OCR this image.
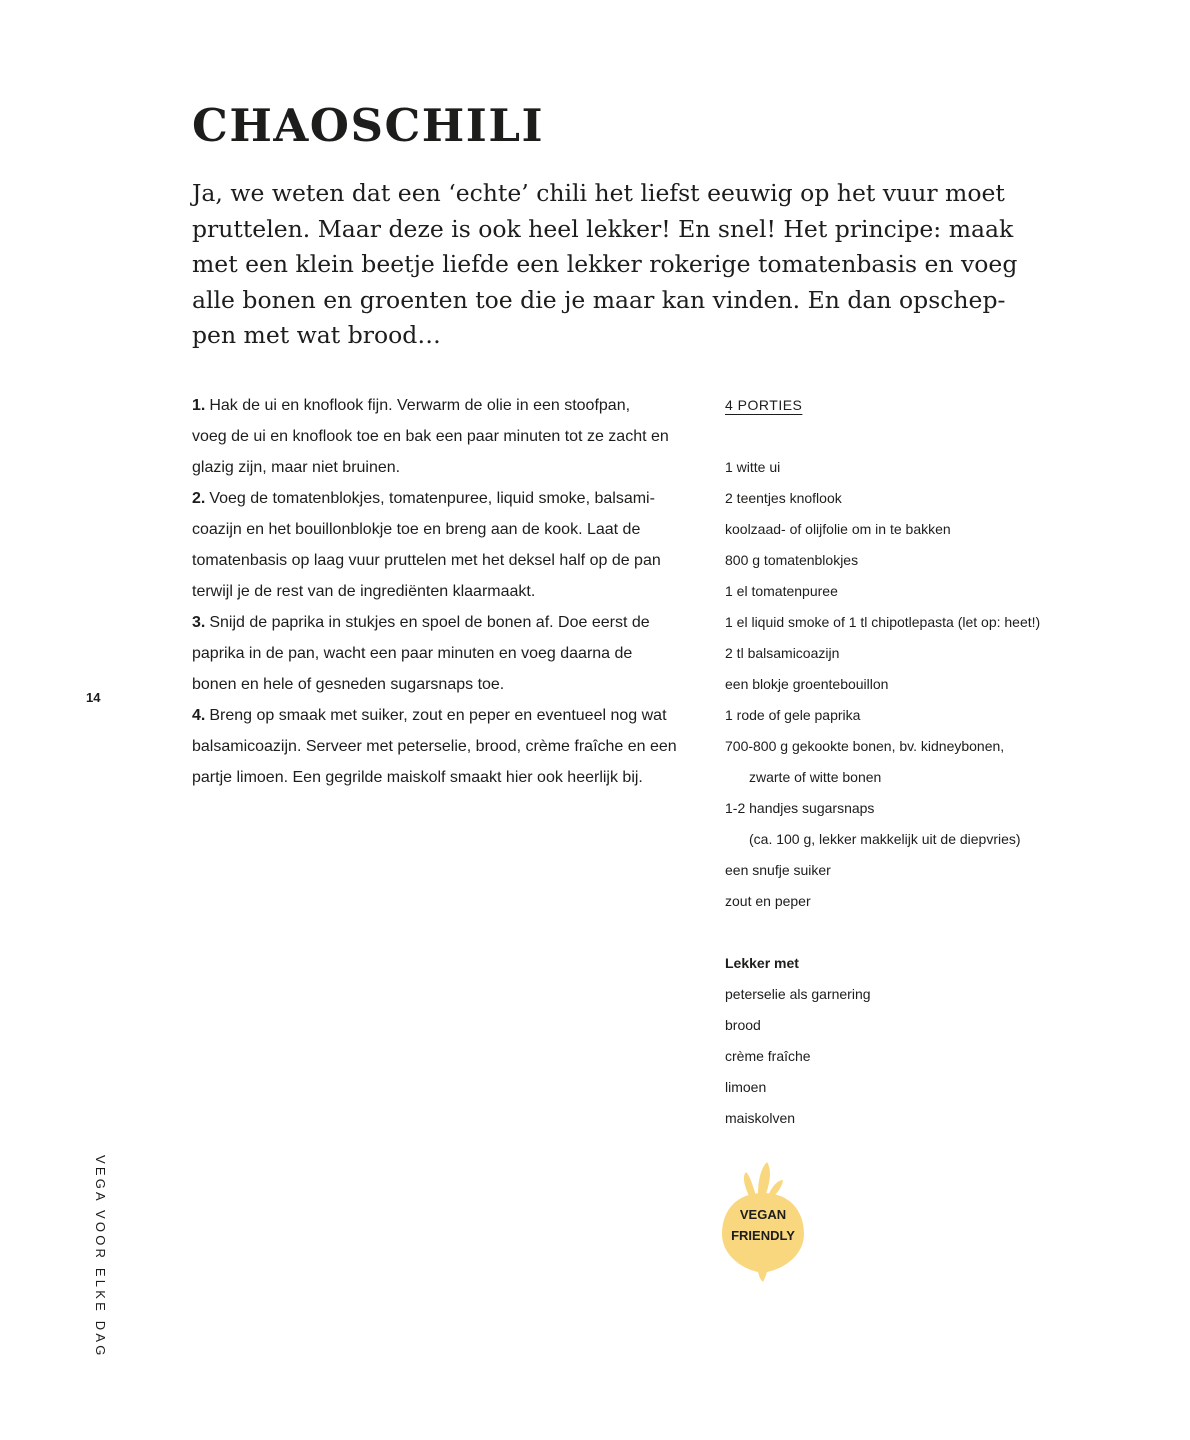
CHAOSCHILI

Ja, we weten dat een ‘echte’ chili het liefst eeuwig op het vuur moet
pruttelen. Maar deze is ook heel lekker! En snel! Het principe: maak
met een klein beetje liefde een lekker rokerige tomatenbasis en voeg
alle bonen en groenten toe die je maar kan vinden. En dan opschep-
pen met wat brood…

1. Hak de ui en knoflook fijn. Verwarm de olie in een stoofpan,
voeg de ui en knoflook toe en bak een paar minuten tot ze zacht en
glazig zijn, maar niet bruinen.
2. Voeg de tomatenblokjes, tomatenpuree, liquid smoke, balsami-
coazijn en het bouillonblokje toe en breng aan de kook. Laat de
tomatenbasis op laag vuur pruttelen met het deksel half op de pan
terwijl je de rest van de ingrediënten klaarmaakt.
3. Snijd de paprika in stukjes en spoel de bonen af. Doe eerst de
paprika in de pan, wacht een paar minuten en voeg daarna de
bonen en hele of gesneden sugarsnaps toe.
4. Breng op smaak met suiker, zout en peper en eventueel nog wat
balsamicoazijn. Serveer met peterselie, brood, crème fraîche en een
partje limoen. Een gegrilde maiskolf smaakt hier ook heerlijk bij.
4 PORTIES
1 witte ui
2 teentjes knoflook
koolzaad- of olijfolie om in te bakken
800 g tomatenblokjes
1 el tomatenpuree
1 el liquid smoke of 1 tl chipotlepasta (let op: heet!)
2 tl balsamicoazijn
een blokje groentebouillon
1 rode of gele paprika
700-800 g gekookte bonen, bv. kidneybonen,
zwarte of witte bonen
1-2 handjes sugarsnaps
(ca. 100 g, lekker makkelijk uit de diepvries)
een snufje suiker
zout en peper
Lekker met
peterselie als garnering
brood
crème fraîche
limoen
maiskolven
VEGAN
FRIENDLY
14
VEGA VOOR ELKE DAG
